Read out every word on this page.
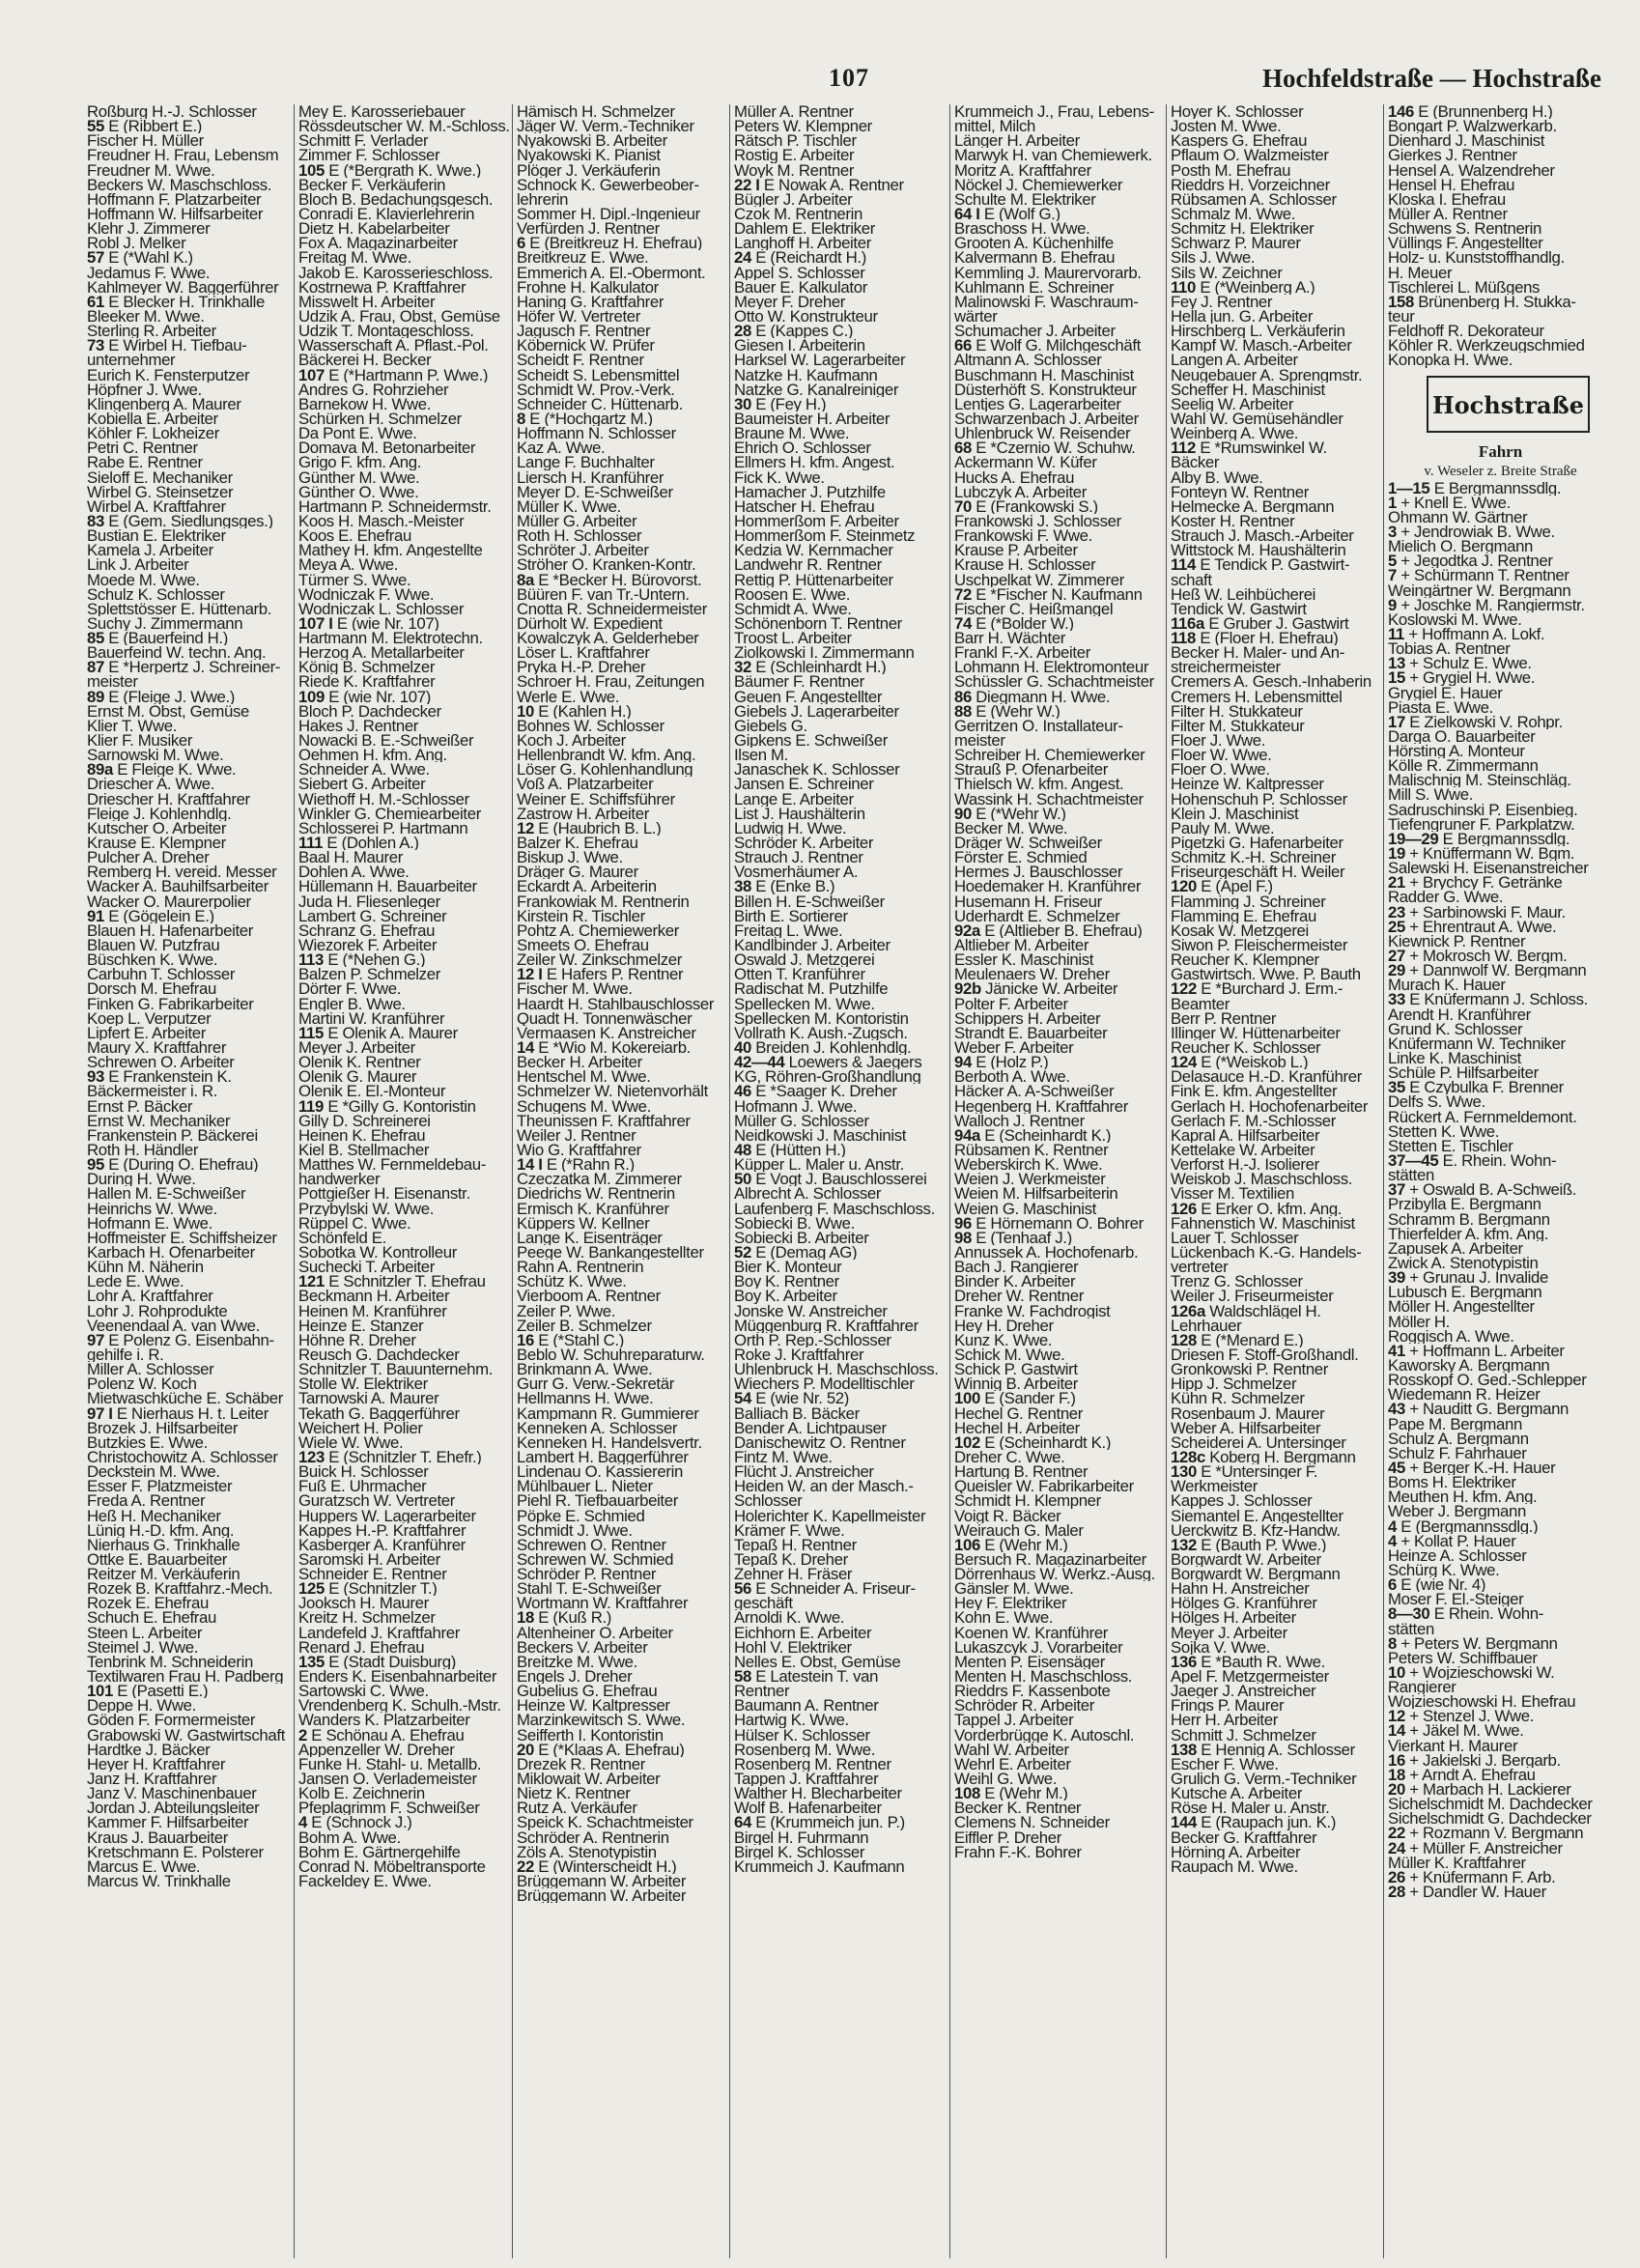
107	Hochfeldstraße — Hochstraße
Roßburg H.-J. Schlosser
55 E (Ribbert E.)
Fischer H. Müller
Freudner H. Frau, Lebensm
Freudner M. Wwe.
Beckers W. Maschschloss.
Hoffmann F. Platzarbeiter
Hoffmann W. Hilfsarbeiter
Klehr J. Zimmerer
Robl J. Melker
57 E (*Wahl K.)
Jedamus F. Wwe.
Kahlmeyer W. Baggerführer
61 E Blecker H. Trinkhalle
Bleeker M. Wwe.
Sterling R. Arbeiter
73 E Wirbel H. Tiefbau-
unternehmer
Eurich K. Fensterputzer
Höpfner J. Wwe.
Klingenberg A. Maurer
Kobiella E. Arbeiter
Köhler F. Lokheizer
Petri C. Rentner
Rabe E. Rentner
Sieloff E. Mechaniker
Wirbel G. Steinsetzer
Wirbel A. Kraftfahrer
83 E (Gem. Siedlungsges.)
Bustian E. Elektriker
Kamela J. Arbeiter
Link J. Arbeiter
Moede M. Wwe.
Schulz K. Schlosser
Splettstösser E. Hüttenarb.
Suchy J. Zimmermann
85 E (Bauerfeind H.)
Bauerfeind W. techn. Ang.
87 E *Herpertz J. Schreiner-
meister
89 E (Fleige J. Wwe.)
Ernst M. Obst, Gemüse
Klier T. Wwe.
Klier F. Musiker
Sarnowski M. Wwe.
89a E Fleige K. Wwe.
Driescher A. Wwe.
Driescher H. Kraftfahrer
Fleige J. Kohlenhdlg.
Kutscher O. Arbeiter
Krause E. Klempner
Pulcher A. Dreher
Remberg H. vereid. Messer
Wacker A. Bauhilfsarbeiter
Wacker O. Maurerpolier
91 E (Gögelein E.)
Blauen H. Hafenarbeiter
Blauen W. Putzfrau
Büschken K. Wwe.
Carbuhn T. Schlosser
Dorsch M. Ehefrau
Finken G. Fabrikarbeiter
Koep L. Verputzer
Lipfert E. Arbeiter
Maury X. Kraftfahrer
Schrewen O. Arbeiter
93 E Frankenstein K.
Bäckermeister i. R.
Ernst P. Bäcker
Ernst W. Mechaniker
Frankenstein P. Bäckerei
Roth H. Händler
95 E (During O. Ehefrau)
During H. Wwe.
Hallen M. E-Schweißer
Heinrichs W. Wwe.
Hofmann E. Wwe.
Hoffmeister E. Schiffsheizer
Karbach H. Ofenarbeiter
Kühn M. Näherin
Lede E. Wwe.
Lohr A. Kraftfahrer
Lohr J. Rohprodukte
Veenendaal A. van Wwe.
97 E Polenz G. Eisenbahn-
gehilfe i. R.
Miller A. Schlosser
Polenz W. Koch
Mietwaschküche E. Schäber
97 I E Nierhaus H. t. Leiter
Brozek J. Hilfsarbeiter
Butzkies E. Wwe.
Christochowitz A. Schlosser
Deckstein M. Wwe.
Esser F. Platzmeister
Freda A. Rentner
Heß H. Mechaniker
Lünig H.-D. kfm. Ang.
Nierhaus G. Trinkhalle
Ottke E. Bauarbeiter
Reitzer M. Verkäuferin
Rozek B. Kraftfahrz.-Mech.
Rozek E. Ehefrau
Schuch E. Ehefrau
Steen L. Arbeiter
Steimel J. Wwe.
Tenbrink M. Schneiderin
Textilwaren Frau H. Padberg
101 E (Pasetti E.)
Deppe H. Wwe.
Göden F. Formermeister
Grabowski W. Gastwirtschaft
Hardtke J. Bäcker
Heyer H. Kraftfahrer
Janz H. Kraftfahrer
Janz V. Maschinenbauer
Jordan J. Abteilungsleiter
Kammer F. Hilfsarbeiter
Kraus J. Bauarbeiter
Kretschmann E. Polsterer
Marcus E. Wwe.
Marcus W. Trinkhalle
Mey E. Karosseriebauer
Rössdeutscher W. M.-Schloss.
Schmitt F. Verlader
Zimmer F. Schlosser
105 E (*Bergrath K. Wwe.)
Becker F. Verkäuferin
Bloch B. Bedachungsgesch.
Conradi E. Klavierlehrerin
Dietz H. Kabelarbeiter
Fox A. Magazinarbeiter
Freitag M. Wwe.
Jakob E. Karosserieschloss.
Kostrnewa P. Kraftfahrer
Misswelt H. Arbeiter
Udzik A. Frau, Obst, Gemüse
Udzik T. Montageschloss.
Wasserschaft A. Pflast.-Pol.
Bäckerei H. Becker
107 E (*Hartmann P. Wwe.)
Andres G. Rohrzieher
Barnekow H. Wwe.
Schürken H. Schmelzer
Da Pont E. Wwe.
Domava M. Betonarbeiter
Grigo F. kfm. Ang.
Günther M. Wwe.
Günther O. Wwe.
Hartmann P. Schneidermstr.
Koos H. Masch.-Meister
Koos E. Ehefrau
Mathey H. kfm. Angestellte
Meya A. Wwe.
Türmer S. Wwe.
Wodniczak F. Wwe.
Wodniczak L. Schlosser
107 I E (wie Nr. 107)
Hartmann M. Elektrotechn.
Herzog A. Metallarbeiter
König B. Schmelzer
Riede K. Kraftfahrer
109 E (wie Nr. 107)
Bloch P. Dachdecker
Hakes J. Rentner
Nowacki B. E.-Schweißer
Oehmen H. kfm. Ang.
Schneider A. Wwe.
Siebert G. Arbeiter
Wiethoff H. M.-Schlosser
Winkler G. Chemiearbeiter
Schlosserei P. Hartmann
111 E (Dohlen A.)
Baal H. Maurer
Dohlen A. Wwe.
Hüllemann H. Bauarbeiter
Juda H. Fliesenleger
Lambert G. Schreiner
Schranz G. Ehefrau
Wiezorek F. Arbeiter
113 E (*Nehen G.)
Balzen P. Schmelzer
Dörter F. Wwe.
Engler B. Wwe.
Martini W. Kranführer
115 E Olenik A. Maurer
Meyer J. Arbeiter
Olenik K. Rentner
Olenik G. Maurer
Olenik E. El.-Monteur
119 E *Gilly G. Kontoristin
Gilly D. Schreinerei
Heinen K. Ehefrau
Kiel B. Stellmacher
Matthes W. Fernmeldebau-
handwerker
Pottgießer H. Eisenanstr.
Przybylski W. Wwe.
Rüppel C. Wwe.
Schönfeld E.
Sobotka W. Kontrolleur
Suchecki T. Arbeiter
121 E Schnitzler T. Ehefrau
Beckmann H. Arbeiter
Heinen M. Kranführer
Heinze E. Stanzer
Höhne R. Dreher
Reusch G. Dachdecker
Schnitzler T. Bauunternehm.
Stolle W. Elektriker
Tarnowski A. Maurer
Tekath G. Baggerführer
Weichert H. Polier
Wiele W. Wwe.
123 E (Schnitzler T. Ehefr.)
Buick H. Schlosser
Fuß E. Uhrmacher
Guratzsch W. Vertreter
Huppers W. Lagerarbeiter
Kappes H.-P. Kraftfahrer
Kasberger A. Kranführer
Saromski H. Arbeiter
Schneider E. Rentner
125 E (Schnitzler T.)
Jooksch H. Maurer
Kreitz H. Schmelzer
Landefeld J. Kraftfahrer
Renard J. Ehefrau
135 E (Stadt Duisburg)
Enders K. Eisenbahnarbeiter
Sartowski C. Wwe.
Vrendenberg K. Schulh.-Mstr.
Wanders K. Platzarbeiter
2 E Schönau A. Ehefrau
Appenzeller W. Dreher
Funke H. Stahl- u. Metallb.
Jansen O. Verlademeister
Kolb E. Zeichnerin
Pfeplagrimm F. Schweißer
4 E (Schnock J.)
Bohm A. Wwe.
Bohm E. Gärtnergehilfe
Conrad N. Möbeltransporte
Fackeldey E. Wwe.
Hämisch H. Schmelzer
Jäger W. Verm.-Techniker
Nyakowski B. Arbeiter
Nyakowski K. Pianist
Plöger J. Verkäuferin
Schnock K. Gewerbeober-
lehrerin
Sommer H. Dipl.-Ingenieur
Verfürden J. Rentner
6 E (Breitkreuz H. Ehefrau)
Breitkreuz E. Wwe.
Emmerich A. El.-Obermont.
Frohne H. Kalkulator
Haning G. Kraftfahrer
Höfer W. Vertreter
Jagusch F. Rentner
Köbernick W. Prüfer
Scheidt F. Rentner
Scheidt S. Lebensmittel
Schmidt W. Prov.-Verk.
Schneider C. Hüttenarb.
8 E (*Hochgartz M.)
Hoffmann N. Schlosser
Kaz A. Wwe.
Lange F. Buchhalter
Liersch H. Kranführer
Meyer D. E-Schweißer
Müller K. Wwe.
Müller G. Arbeiter
Roth H. Schlosser
Schröter J. Arbeiter
Ströher O. Kranken-Kontr.
8a E *Becker H. Bürovorst.
Büüren F. van Tr.-Untern.
Cnotta R. Schneidermeister
Dürholt W. Expedient
Kowalczyk A. Gelderheber
Löser L. Kraftfahrer
Pryka H.-P. Dreher
Schroer H. Frau, Zeitungen
Werle E. Wwe.
10 E (Kahlen H.)
Bohnes W. Schlosser
Koch J. Arbeiter
Hellenbrandt W. kfm. Ang.
Löser G. Kohlenhandlung
Voß A. Platzarbeiter
Weiner E. Schiffsführer
Zastrow H. Arbeiter
12 E (Haubrich B. L.)
Balzer K. Ehefrau
Biskup J. Wwe.
Dräger G. Maurer
Eckardt A. Arbeiterin
Frankowiak M. Rentnerin
Kirstein R. Tischler
Pohtz A. Chemiewerker
Smeets O. Ehefrau
Zeiler W. Zinkschmelzer
12 I E Hafers P. Rentner
Fischer M. Wwe.
Haardt H. Stahlbauschlosser
Quadt H. Tonnenwäscher
Vermaasen K. Anstreicher
14 E *Wio M. Kokereiarb.
Becker H. Arbeiter
Hentschel M. Wwe.
Schmelzer W. Nietenvorhält
Schugens M. Wwe.
Theunissen F. Kraftfahrer
Weiler J. Rentner
Wio G. Kraftfahrer
14 I E (*Rahn R.)
Czeczatka M. Zimmerer
Diedrichs W. Rentnerin
Ermisch K. Kranführer
Küppers W. Kellner
Lange K. Eisenträger
Peege W. Bankangestellter
Rahn A. Rentnerin
Schütz K. Wwe.
Vierboom A. Rentner
Zeiler P. Wwe.
Zeiler B. Schmelzer
16 E (*Stahl C.)
Beblo W. Schuhreparaturw.
Brinkmann A. Wwe.
Gurr G. Verw.-Sekretär
Hellmanns H. Wwe.
Kampmann R. Gummierer
Kenneken A. Schlosser
Kenneken H. Handelsvertr.
Lambert H. Baggerführer
Lindenau O. Kassiererin
Mühlbauer L. Nieter
Piehl R. Tiefbauarbeiter
Pöpke E. Schmied
Schmidt J. Wwe.
Schrewen O. Rentner
Schrewen W. Schmied
Schröder P. Rentner
Stahl T. E-Schweißer
Wortmann W. Kraftfahrer
18 E (Kuß R.)
Altenheiner O. Arbeiter
Beckers V. Arbeiter
Breitzke M. Wwe.
Engels J. Dreher
Gubelius G. Ehefrau
Heinze W. Kaltpresser
Marzinkewitsch S. Wwe.
Seifferth I. Kontoristin
20 E (*Klaas A. Ehefrau)
Drezek R. Rentner
Miklowait W. Arbeiter
Nietz K. Rentner
Rutz A. Verkäufer
Speick K. Schachtmeister
Schröder A. Rentnerin
Zöls A. Stenotypistin
22 E (Winterscheidt H.)
Brüggemann W. Arbeiter
Brüggemann W. Arbeiter
Müller A. Rentner
Peters W. Klempner
Rätsch P. Tischler
Rostig E. Arbeiter
Woyk M. Rentner
22 I E Nowak A. Rentner
Bügler J. Arbeiter
Czok M. Rentnerin
Dahlem E. Elektriker
Langhoff H. Arbeiter
24 E (Reichardt H.)
Appel S. Schlosser
Bauer E. Kalkulator
Meyer F. Dreher
Otto W. Konstrukteur
28 E (Kappes C.)
Giesen I. Arbeiterin
Harksel W. Lagerarbeiter
Natzke H. Kaufmann
Natzke G. Kanalreiniger
30 E (Fey H.)
Baumeister H. Arbeiter
Braune M. Wwe.
Ehrich O. Schlosser
Ellmers H. kfm. Angest.
Fick K. Wwe.
Hamacher J. Putzhilfe
Hatscher H. Ehefrau
Hommerßom F. Arbeiter
Hommerßom F. Steinmetz
Kedzia W. Kernmacher
Landwehr R. Rentner
Rettig P. Hüttenarbeiter
Roosen E. Wwe.
Schmidt A. Wwe.
Schönenborn T. Rentner
Troost L. Arbeiter
Ziolkowski I. Zimmermann
32 E (Schleinhardt H.)
Bäumer F. Rentner
Geuen F. Angestellter
Giebels J. Lagerarbeiter
Giebels G.
Gipkens E. Schweißer
Ilsen M.
Janaschek K. Schlosser
Jansen E. Schreiner
Lange E. Arbeiter
List J. Haushälterin
Ludwig H. Wwe.
Schröder K. Arbeiter
Strauch J. Rentner
Vosmerhäumer A.
38 E (Enke B.)
Billen H. E-Schweißer
Birth E. Sortierer
Freitag L. Wwe.
Kandlbinder J. Arbeiter
Oswald J. Metzgerei
Otten T. Kranführer
Radischat M. Putzhilfe
Spellecken M. Wwe.
Spellecken M. Kontoristin
Vollrath K. Aush.-Zugsch.
40 Breiden J. Kohlenhdlg.
42—44 Loewers & Jaegers
KG, Röhren-Großhandlung
46 E *Saager K. Dreher
Hofmann J. Wwe.
Müller G. Schlosser
Neidkowski J. Maschinist
48 E (Hütten H.)
Küpper L. Maler u. Anstr.
50 E Vogt J. Bauschlosserei
Albrecht A. Schlosser
Laufenberg F. Maschschloss.
Sobiecki B. Wwe.
Sobiecki B. Arbeiter
52 E (Demag AG)
Bier K. Monteur
Boy K. Rentner
Boy K. Arbeiter
Jonske W. Anstreicher
Müggenburg R. Kraftfahrer
Orth P. Rep.-Schlosser
Roke J. Kraftfahrer
Uhlenbruck H. Maschschloss.
Wiechers P. Modelltischler
54 E (wie Nr. 52)
Balliach B. Bäcker
Bender A. Lichtpauser
Danischewitz O. Rentner
Fintz M. Wwe.
Flücht J. Anstreicher
Heiden W. an der Masch.-
Schlosser
Holerichter K. Kapellmeister
Krämer F. Wwe.
Tepaß H. Rentner
Tepaß K. Dreher
Zehner H. Fräser
56 E Schneider A. Friseur-
geschäft
Arnoldi K. Wwe.
Eichhorn E. Arbeiter
Hohl V. Elektriker
Nelles E. Obst, Gemüse
58 E Latestein T. van
Rentner
Baumann A. Rentner
Hartwig K. Wwe.
Hülser K. Schlosser
Rosenberg M. Wwe.
Rosenberg M. Rentner
Tappen J. Kraftfahrer
Walther H. Blecharbeiter
Wolf B. Hafenarbeiter
64 E (Krummeich jun. P.)
Birgel H. Fuhrmann
Birgel K. Schlosser
Krummeich J. Kaufmann
Krummeich J., Frau, Lebens-
mittel, Milch
Länger H. Arbeiter
Marwyk H. van Chemiewerk.
Moritz A. Kraftfahrer
Nöckel J. Chemiewerker
Schulte M. Elektriker
64 I E (Wolf G.)
Braschoss H. Wwe.
Grooten A. Küchenhilfe
Kalvermann B. Ehefrau
Kemmling J. Maurervorarb.
Kuhlmann E. Schreiner
Malinowski F. Waschraum-
wärter
Schumacher J. Arbeiter
66 E Wolf G. Milchgeschäft
Altmann A. Schlosser
Buschmann H. Maschinist
Düsterhöft S. Konstrukteur
Lentjes G. Lagerarbeiter
Schwarzenbach J. Arbeiter
Uhlenbruck W. Reisender
68 E *Czernio W. Schuhw.
Ackermann W. Küfer
Hucks A. Ehefrau
Lubczyk A. Arbeiter
70 E (Frankowski S.)
Frankowski J. Schlosser
Frankowski F. Wwe.
Krause P. Arbeiter
Krause H. Schlosser
Uschpelkat W. Zimmerer
72 E *Fischer N. Kaufmann
Fischer C. Heißmangel
74 E (*Bolder W.)
Barr H. Wächter
Frankl F.-X. Arbeiter
Lohmann H. Elektromonteur
Schüssler G. Schachtmeister
86 Diegmann H. Wwe.
88 E (Wehr W.)
Gerritzen O. Installateur-
meister
Schreiber H. Chemiewerker
Strauß P. Ofenarbeiter
Thielsch W. kfm. Angest.
Wassink H. Schachtmeister
90 E (*Wehr W.)
Becker M. Wwe.
Dräger W. Schweißer
Förster E. Schmied
Hermes J. Bauschlosser
Hoedemaker H. Kranführer
Husemann H. Friseur
Uderhardt E. Schmelzer
92a E (Altlieber B. Ehefrau)
Altlieber M. Arbeiter
Essler K. Maschinist
Meulenaers W. Dreher
92b Jänicke W. Arbeiter
Polter F. Arbeiter
Schippers H. Arbeiter
Strandt E. Bauarbeiter
Weber F. Arbeiter
94 E (Holz P.)
Berboth A. Wwe.
Häcker A. A-Schweißer
Hegenberg H. Kraftfahrer
Walloch J. Rentner
94a E (Scheinhardt K.)
Rübsamen K. Rentner
Weberskirch K. Wwe.
Weien J. Werkmeister
Weien M. Hilfsarbeiterin
Weien G. Maschinist
96 E Hörnemann O. Bohrer
98 E (Tenhaaf J.)
Annussek A. Hochofenarb.
Bach J. Rangierer
Binder K. Arbeiter
Dreher W. Rentner
Franke W. Fachdrogist
Hey H. Dreher
Kunz K. Wwe.
Schick M. Wwe.
Schick P. Gastwirt
Winnig B. Arbeiter
100 E (Sander F.)
Hechel G. Rentner
Hechel H. Arbeiter
102 E (Scheinhardt K.)
Dreher C. Wwe.
Hartung B. Rentner
Queisler W. Fabrikarbeiter
Schmidt H. Klempner
Voigt R. Bäcker
Weirauch G. Maler
106 E (Wehr M.)
Bersuch R. Magazinarbeiter
Dörrenhaus W. Werkz.-Ausg.
Gänsler M. Wwe.
Hey F. Elektriker
Kohn E. Wwe.
Koenen W. Kranführer
Lukaszcyk J. Vorarbeiter
Menten P. Eisensäger
Menten H. Maschschloss.
Rieddrs F. Kassenbote
Schröder R. Arbeiter
Tappel J. Arbeiter
Vorderbrügge K. Autoschl.
Wahl W. Arbeiter
Wehrl E. Arbeiter
Weihl G. Wwe.
108 E (Wehr M.)
Becker K. Rentner
Clemens N. Schneider
Eiffler P. Dreher
Frahn F.-K. Bohrer
Hoyer K. Schlosser
Josten M. Wwe.
Kaspers G. Ehefrau
Pflaum O. Walzmeister
Posth M. Ehefrau
Rieddrs H. Vorzeichner
Rübsamen A. Schlosser
Schmalz M. Wwe.
Schmitz H. Elektriker
Schwarz P. Maurer
Sils J. Wwe.
Sils W. Zeichner
110 E (*Weinberg A.)
Fey J. Rentner
Hella jun. G. Arbeiter
Hirschberg L. Verkäuferin
Kampf W. Masch.-Arbeiter
Langen A. Arbeiter
Neugebauer A. Sprengmstr.
Scheffer H. Maschinist
Seelig W. Arbeiter
Wahl W. Gemüsehändler
Weinberg A. Wwe.
112 E *Rumswinkel W.
Bäcker
Alby B. Wwe.
Fonteyn W. Rentner
Helmecke A. Bergmann
Koster H. Rentner
Strauch J. Masch.-Arbeiter
Wittstock M. Haushälterin
114 E Tendick P. Gastwirt-
schaft
Heß W. Leihbücherei
Tendick W. Gastwirt
116a E Gruber J. Gastwirt
118 E (Floer H. Ehefrau)
Becker H. Maler- und An-
streichermeister
Cremers A. Gesch.-Inhaberin
Cremers H. Lebensmittel
Filter H. Stukkateur
Filter M. Stukkateur
Floer J. Wwe.
Floer W. Wwe.
Floer O. Wwe.
Heinze W. Kaltpresser
Hohenschuh P. Schlosser
Klein J. Maschinist
Pauly M. Wwe.
Pigetzki G. Hafenarbeiter
Schmitz K.-H. Schreiner
Friseurgeschäft H. Weiler
120 E (Apel F.)
Flamming J. Schreiner
Flamming E. Ehefrau
Kosak W. Metzgerei
Siwon P. Fleischermeister
Reucher K. Klempner
Gastwirtsch. Wwe. P. Bauth
122 E *Burchard J. Erm.-
Beamter
Berr P. Rentner
Illinger W. Hüttenarbeiter
Reucher K. Schlosser
124 E (*Weiskob L.)
Delasauce H.-D. Kranführer
Fink E. kfm. Angestellter
Gerlach H. Hochofenarbeiter
Gerlach F. M.-Schlosser
Kapral A. Hilfsarbeiter
Kettelake W. Arbeiter
Verforst H.-J. Isolierer
Weiskob J. Maschschloss.
Visser M. Textilien
126 E Erker O. kfm. Ang.
Fahnenstich W. Maschinist
Lauer T. Schlosser
Lückenbach K.-G. Handels-
vertreter
Trenz G. Schlosser
Weiler J. Friseurmeister
126a Waldschlägel H.
Lehrhauer
128 E (*Menard E.)
Driesen F. Stoff-Großhandl.
Gronkowski P. Rentner
Hipp J. Schmelzer
Kühn R. Schmelzer
Rosenbaum J. Maurer
Weber A. Hilfsarbeiter
Scheiderei A. Untersinger
128c Koberg H. Bergmann
130 E *Untersinger F.
Werkmeister
Kappes J. Schlosser
Siemantel E. Angestellter
Uerckwitz B. Kfz-Handw.
132 E (Bauth P. Wwe.)
Borgwardt W. Arbeiter
Borgwardt W. Bergmann
Hahn H. Anstreicher
Hölges G. Kranführer
Hölges H. Arbeiter
Meyer J. Arbeiter
Sojka V. Wwe.
136 E *Bauth R. Wwe.
Apel F. Metzgermeister
Jaeger J. Anstreicher
Frings P. Maurer
Herr H. Arbeiter
Schmitt J. Schmelzer
138 E Hennig A. Schlosser
Escher F. Wwe.
Grulich G. Verm.-Techniker
Kutsche A. Arbeiter
Röse H. Maler u. Anstr.
144 E (Raupach jun. K.)
Becker G. Kraftfahrer
Hörning A. Arbeiter
Raupach M. Wwe.
146 E (Brunnenberg H.)
Bongart P. Walzwerkarb.
Dienhard J. Maschinist
Gierkes J. Rentner
Hensel A. Walzendreher
Hensel H. Ehefrau
Kloska I. Ehefrau
Müller A. Rentner
Schwens S. Rentnerin
Vüllings F. Angestellter
Holz- u. Kunststoffhandlg.
H. Meuer
Tischlerei L. Müßgens
158 Brünenberg H. Stukka-
teur
Feldhoff R. Dekorateur
Köhler R. Werkzeugschmied
Konopka H. Wwe.
Hochstraße
Fahrn
v. Weseler z. Breite Straße
1—15 E Bergmannssdlg.
1 + Knell E. Wwe.
Ohmann W. Gärtner
3 + Jendrowiak B. Wwe.
Mielich O. Bergmann
5 + Jegodtka J. Rentner
7 + Schürmann T. Rentner
Weingärtner W. Bergmann
9 + Joschke M. Rangiermstr.
Koslowski M. Wwe.
11 + Hoffmann A. Lokf.
Tobias A. Rentner
13 + Schulz E. Wwe.
15 + Grygiel H. Wwe.
Grygiel E. Hauer
Piasta E. Wwe.
17 E Zielkowski V. Rohpr.
Darga O. Bauarbeiter
Hörsting A. Monteur
Kölle R. Zimmermann
Malischnig M. Steinschläg.
Mill S. Wwe.
Sadruschinski P. Eisenbieg.
Tiefengruner F. Parkplatzw.
19—29 E Bergmannssdlg.
19 + Knüffermann W. Bgm.
Salewski H. Eisenanstreicher
21 + Brychcy F. Getränke
Radder G. Wwe.
23 + Sarbinowski F. Maur.
25 + Ehrentraut A. Wwe.
Kiewnick P. Rentner
27 + Mokrosch W. Bergm.
29 + Dannwolf W. Bergmann
Murach K. Hauer
33 E Knüfermann J. Schloss.
Arendt H. Kranführer
Grund K. Schlosser
Knüfermann W. Techniker
Linke K. Maschinist
Schüle P. Hilfsarbeiter
35 E Czybulka F. Brenner
Delfs S. Wwe.
Rückert A. Fernmeldemont.
Stetten K. Wwe.
Stetten E. Tischler
37—45 E. Rhein. Wohn-
stätten
37 + Oswald B. A-Schweiß.
Przibylla E. Bergmann
Schramm B. Bergmann
Thierfelder A. kfm. Ang.
Zapusek A. Arbeiter
Zwick A. Stenotypistin
39 + Grunau J. Invalide
Lubusch E. Bergmann
Möller H. Angestellter
Möller H.
Roggisch A. Wwe.
41 + Hoffmann L. Arbeiter
Kaworsky A. Bergmann
Rosskopf O. Ged.-Schlepper
Wiedemann R. Heizer
43 + Nauditt G. Bergmann
Pape M. Bergmann
Schulz A. Bergmann
Schulz F. Fahrhauer
45 + Berger K.-H. Hauer
Boms H. Elektriker
Meuthen H. kfm. Ang.
Weber J. Bergmann
4 E (Bergmannssdlg.)
4 + Kollat P. Hauer
Heinze A. Schlosser
Schürg K. Wwe.
6 E (wie Nr. 4)
Moser F. El.-Steiger
8—30 E Rhein. Wohn-
stätten
8 + Peters W. Bergmann
Peters W. Schiffbauer
10 + Wojzieschowski W.
Rangierer
Wojzieschowski H. Ehefrau
12 + Stenzel J. Wwe.
14 + Jäkel M. Wwe.
Vierkant H. Maurer
16 + Jakielski J. Bergarb.
18 + Arndt A. Ehefrau
20 + Marbach H. Lackierer
Sichelschmidt M. Dachdecker
Sichelschmidt G. Dachdecker
22 + Rozmann V. Bergmann
24 + Müller F. Anstreicher
Müller K. Kraftfahrer
26 + Knüfermann F. Arb.
28 + Dandler W. Hauer
